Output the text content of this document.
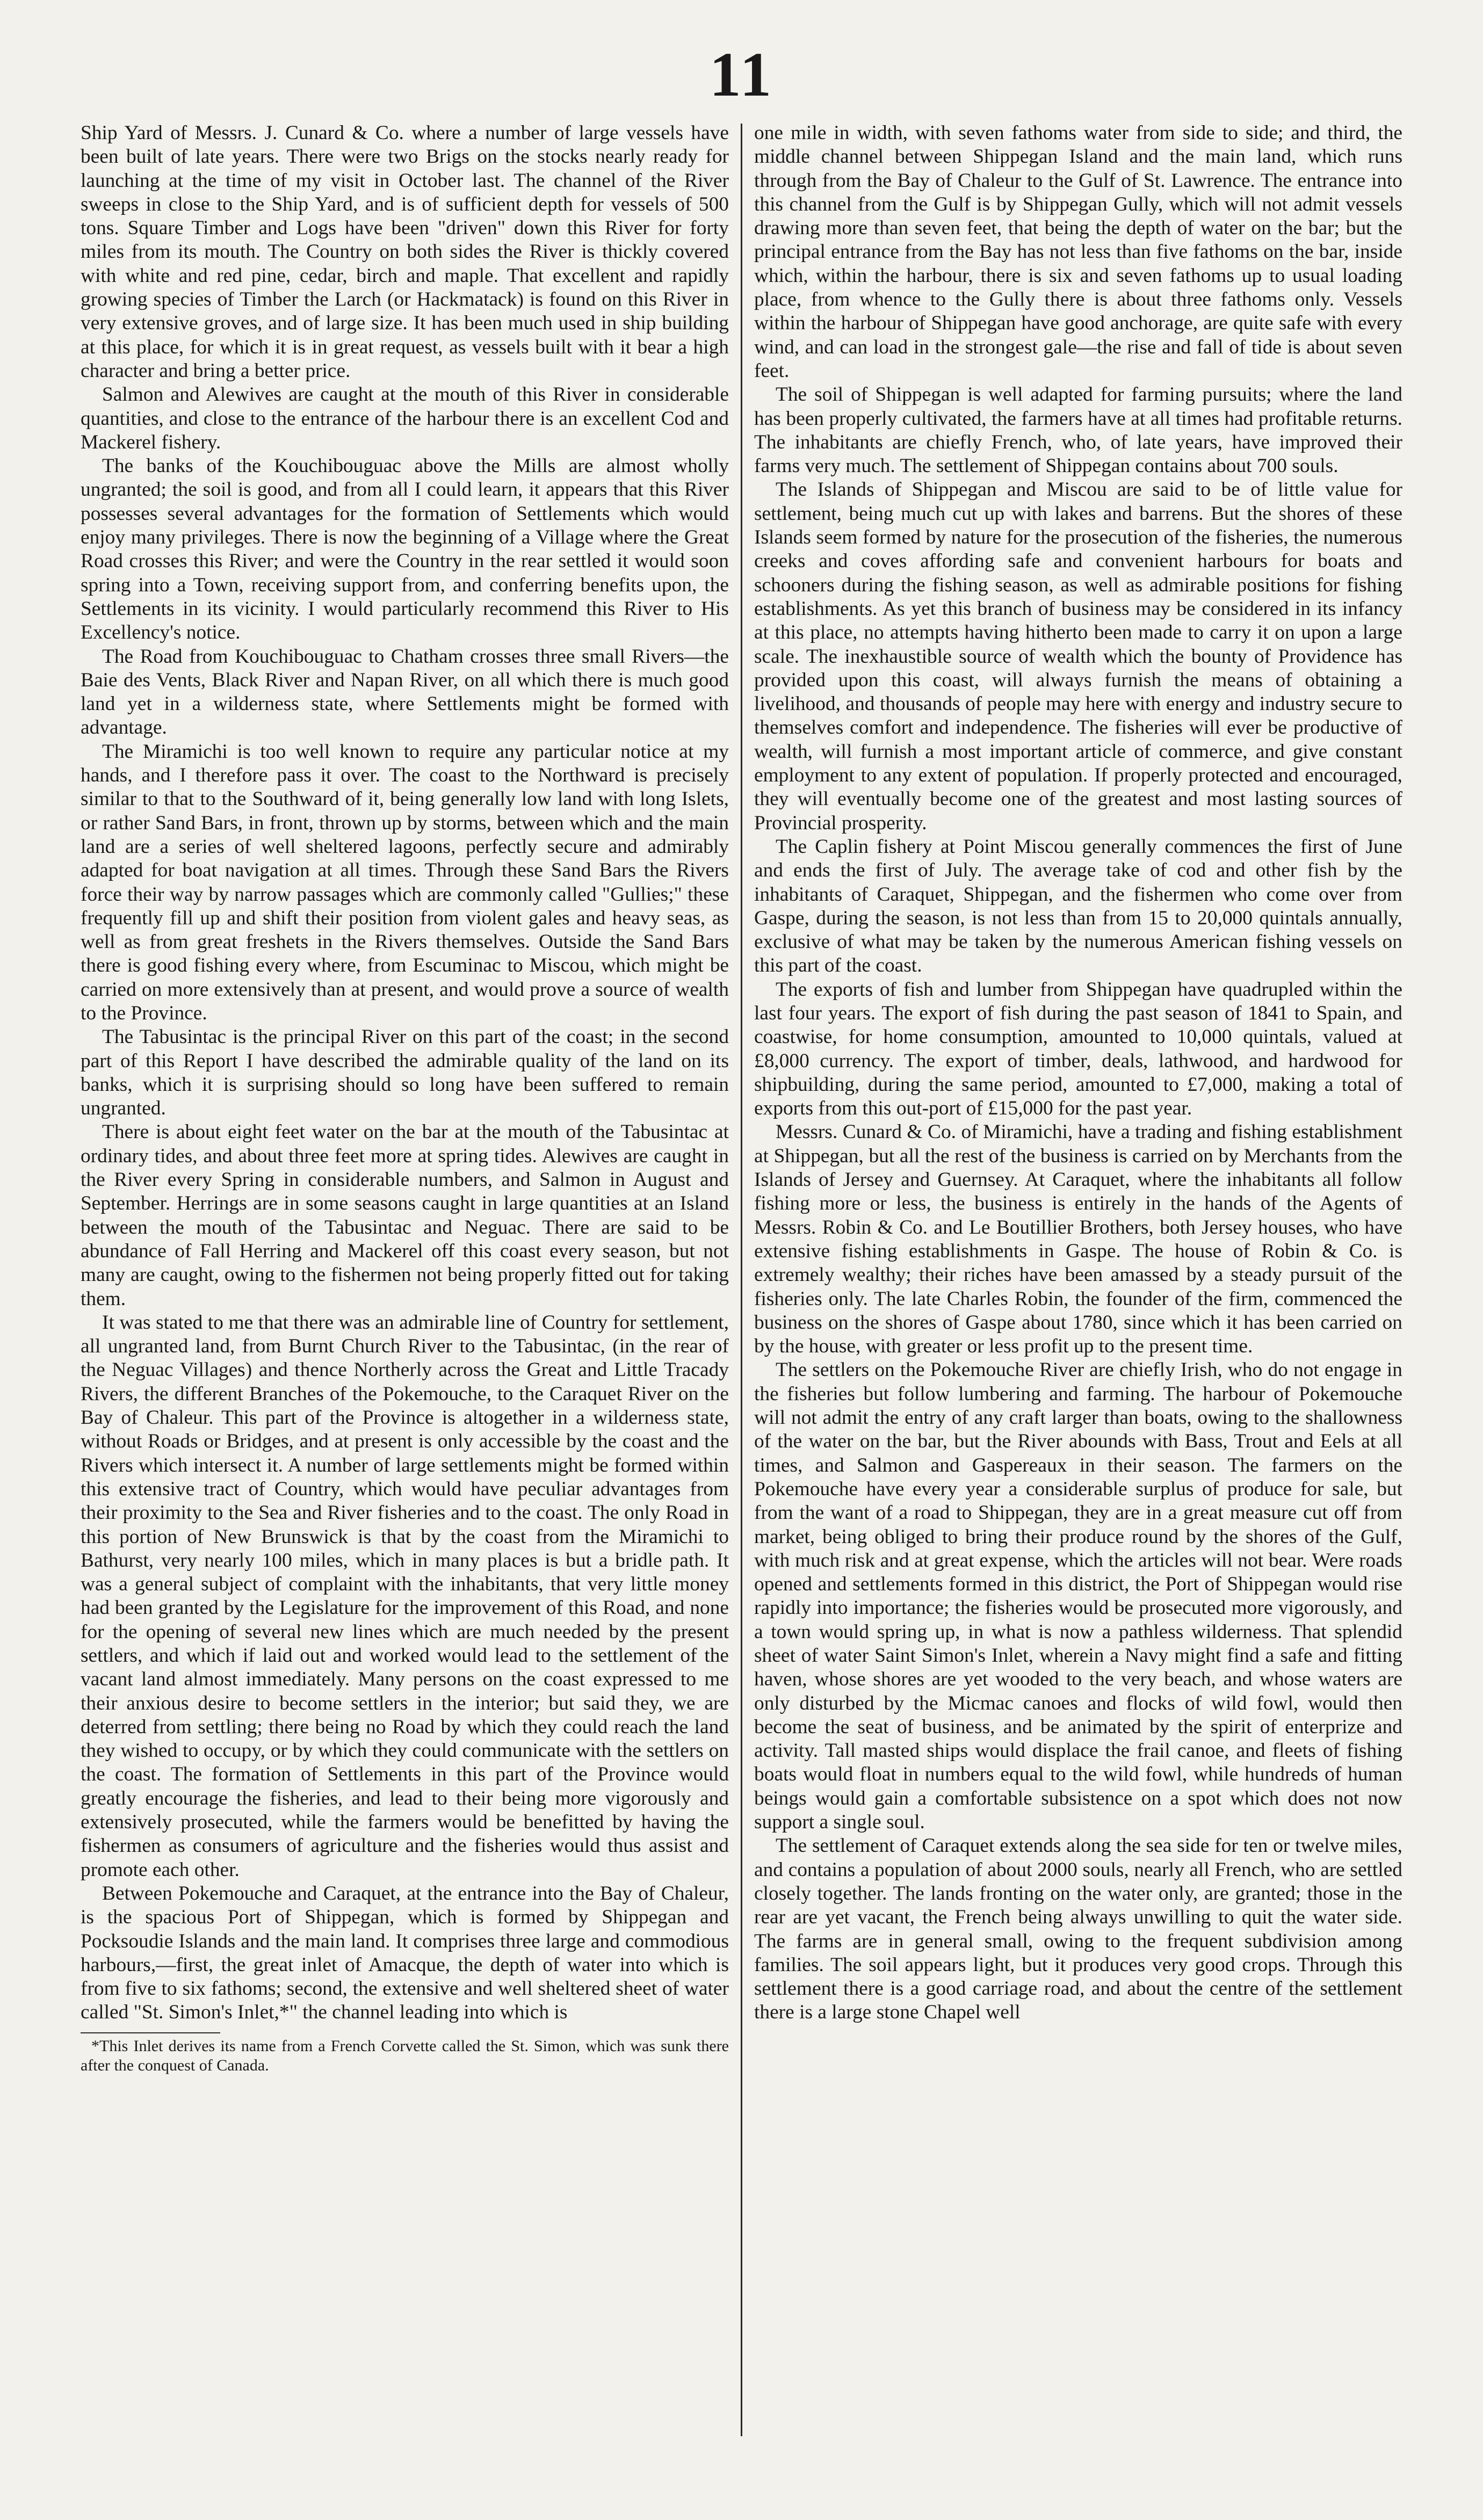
11

Ship Yard of Messrs. J. Cunard & Co. where a number of large vessels have been built of late years. There were two Brigs on the stocks nearly ready for launching at the time of my visit in October last. The channel of the River sweeps in close to the Ship Yard, and is of sufficient depth for vessels of 500 tons. Square Timber and Logs have been "driven" down this River for forty miles from its mouth. The Country on both sides the River is thickly covered with white and red pine, cedar, birch and maple. That excellent and rapidly growing species of Timber the Larch (or Hackmatack) is found on this River in very extensive groves, and of large size. It has been much used in ship building at this place, for which it is in great request, as vessels built with it bear a high character and bring a better price.

Salmon and Alewives are caught at the mouth of this River in considerable quantities, and close to the entrance of the harbour there is an excellent Cod and Mackerel fishery.

The banks of the Kouchibouguac above the Mills are almost wholly ungranted; the soil is good, and from all I could learn, it appears that this River possesses several advantages for the formation of Settlements which would enjoy many privileges. There is now the beginning of a Village where the Great Road crosses this River; and were the Country in the rear settled it would soon spring into a Town, receiving support from, and conferring benefits upon, the Settlements in its vicinity. I would particularly recommend this River to His Excellency's notice.

The Road from Kouchibouguac to Chatham crosses three small Rivers—the Baie des Vents, Black River and Napan River, on all which there is much good land yet in a wilderness state, where Settlements might be formed with advantage.

The Miramichi is too well known to require any particular notice at my hands, and I therefore pass it over. The coast to the Northward is precisely similar to that to the Southward of it, being generally low land with long Islets, or rather Sand Bars, in front, thrown up by storms, between which and the main land are a series of well sheltered lagoons, perfectly secure and admirably adapted for boat navigation at all times. Through these Sand Bars the Rivers force their way by narrow passages which are commonly called "Gullies;" these frequently fill up and shift their position from violent gales and heavy seas, as well as from great freshets in the Rivers themselves. Outside the Sand Bars there is good fishing every where, from Escuminac to Miscou, which might be carried on more extensively than at present, and would prove a source of wealth to the Province.

The Tabusintac is the principal River on this part of the coast; in the second part of this Report I have described the admirable quality of the land on its banks, which it is surprising should so long have been suffered to remain ungranted.

There is about eight feet water on the bar at the mouth of the Tabusintac at ordinary tides, and about three feet more at spring tides. Alewives are caught in the River every Spring in considerable numbers, and Salmon in August and September. Herrings are in some seasons caught in large quantities at an Island between the mouth of the Tabusintac and Neguac. There are said to be abundance of Fall Herring and Mackerel off this coast every season, but not many are caught, owing to the fishermen not being properly fitted out for taking them.

It was stated to me that there was an admirable line of Country for settlement, all ungranted land, from Burnt Church River to the Tabusintac, (in the rear of the Neguac Villages) and thence Northerly across the Great and Little Tracady Rivers, the different Branches of the Pokemouche, to the Caraquet River on the Bay of Chaleur. This part of the Province is altogether in a wilderness state, without Roads or Bridges, and at present is only accessible by the coast and the Rivers which intersect it. A number of large settlements might be formed within this extensive tract of Country, which would have peculiar advantages from their proximity to the Sea and River fisheries and to the coast. The only Road in this portion of New Brunswick is that by the coast from the Miramichi to Bathurst, very nearly 100 miles, which in many places is but a bridle path. It was a general subject of complaint with the inhabitants, that very little money had been granted by the Legislature for the improvement of this Road, and none for the opening of several new lines which are much needed by the present settlers, and which if laid out and worked would lead to the settlement of the vacant land almost immediately. Many persons on the coast expressed to me their anxious desire to become settlers in the interior; but said they, we are deterred from settling; there being no Road by which they could reach the land they wished to occupy, or by which they could communicate with the settlers on the coast. The formation of Settlements in this part of the Province would greatly encourage the fisheries, and lead to their being more vigorously and extensively prosecuted, while the farmers would be benefitted by having the fishermen as consumers of agriculture and the fisheries would thus assist and promote each other.

Between Pokemouche and Caraquet, at the entrance into the Bay of Chaleur, is the spacious Port of Shippegan, which is formed by Shippegan and Pocksoudie Islands and the main land. It comprises three large and commodious harbours,—first, the great inlet of Amacque, the depth of water into which is from five to six fathoms; second, the extensive and well sheltered sheet of water called "St. Simon's Inlet,*" the channel leading into which is

*This Inlet derives its name from a French Corvette called the St. Simon, which was sunk there after the conquest of Canada.

one mile in width, with seven fathoms water from side to side; and third, the middle channel between Shippegan Island and the main land, which runs through from the Bay of Chaleur to the Gulf of St. Lawrence. The entrance into this channel from the Gulf is by Shippegan Gully, which will not admit vessels drawing more than seven feet, that being the depth of water on the bar; but the principal entrance from the Bay has not less than five fathoms on the bar, inside which, within the harbour, there is six and seven fathoms up to usual loading place, from whence to the Gully there is about three fathoms only. Vessels within the harbour of Shippegan have good anchorage, are quite safe with every wind, and can load in the strongest gale—the rise and fall of tide is about seven feet.

The soil of Shippegan is well adapted for farming pursuits; where the land has been properly cultivated, the farmers have at all times had profitable returns. The inhabitants are chiefly French, who, of late years, have improved their farms very much. The settlement of Shippegan contains about 700 souls.

The Islands of Shippegan and Miscou are said to be of little value for settlement, being much cut up with lakes and barrens. But the shores of these Islands seem formed by nature for the prosecution of the fisheries, the numerous creeks and coves affording safe and convenient harbours for boats and schooners during the fishing season, as well as admirable positions for fishing establishments. As yet this branch of business may be considered in its infancy at this place, no attempts having hitherto been made to carry it on upon a large scale. The inexhaustible source of wealth which the bounty of Providence has provided upon this coast, will always furnish the means of obtaining a livelihood, and thousands of people may here with energy and industry secure to themselves comfort and independence. The fisheries will ever be productive of wealth, will furnish a most important article of commerce, and give constant employment to any extent of population. If properly protected and encouraged, they will eventually become one of the greatest and most lasting sources of Provincial prosperity.

The Caplin fishery at Point Miscou generally commences the first of June and ends the first of July. The average take of cod and other fish by the inhabitants of Caraquet, Shippegan, and the fishermen who come over from Gaspe, during the season, is not less than from 15 to 20,000 quintals annually, exclusive of what may be taken by the numerous American fishing vessels on this part of the coast.

The exports of fish and lumber from Shippegan have quadrupled within the last four years. The export of fish during the past season of 1841 to Spain, and coastwise, for home consumption, amounted to 10,000 quintals, valued at £8,000 currency. The export of timber, deals, lathwood, and hardwood for shipbuilding, during the same period, amounted to £7,000, making a total of exports from this out-port of £15,000 for the past year.

Messrs. Cunard & Co. of Miramichi, have a trading and fishing establishment at Shippegan, but all the rest of the business is carried on by Merchants from the Islands of Jersey and Guernsey. At Caraquet, where the inhabitants all follow fishing more or less, the business is entirely in the hands of the Agents of Messrs. Robin & Co. and Le Boutillier Brothers, both Jersey houses, who have extensive fishing establishments in Gaspe. The house of Robin & Co. is extremely wealthy; their riches have been amassed by a steady pursuit of the fisheries only. The late Charles Robin, the founder of the firm, commenced the business on the shores of Gaspe about 1780, since which it has been carried on by the house, with greater or less profit up to the present time.

The settlers on the Pokemouche River are chiefly Irish, who do not engage in the fisheries but follow lumbering and farming. The harbour of Pokemouche will not admit the entry of any craft larger than boats, owing to the shallowness of the water on the bar, but the River abounds with Bass, Trout and Eels at all times, and Salmon and Gaspereaux in their season. The farmers on the Pokemouche have every year a considerable surplus of produce for sale, but from the want of a road to Shippegan, they are in a great measure cut off from market, being obliged to bring their produce round by the shores of the Gulf, with much risk and at great expense, which the articles will not bear. Were roads opened and settlements formed in this district, the Port of Shippegan would rise rapidly into importance; the fisheries would be prosecuted more vigorously, and a town would spring up, in what is now a pathless wilderness. That splendid sheet of water Saint Simon's Inlet, wherein a Navy might find a safe and fitting haven, whose shores are yet wooded to the very beach, and whose waters are only disturbed by the Micmac canoes and flocks of wild fowl, would then become the seat of business, and be animated by the spirit of enterprize and activity. Tall masted ships would displace the frail canoe, and fleets of fishing boats would float in numbers equal to the wild fowl, while hundreds of human beings would gain a comfortable subsistence on a spot which does not now support a single soul.

The settlement of Caraquet extends along the sea side for ten or twelve miles, and contains a population of about 2000 souls, nearly all French, who are settled closely together. The lands fronting on the water only, are granted; those in the rear are yet vacant, the French being always unwilling to quit the water side. The farms are in general small, owing to the frequent subdivision among families. The soil appears light, but it produces very good crops. Through this settlement there is a good carriage road, and about the centre of the settlement there is a large stone Chapel well
